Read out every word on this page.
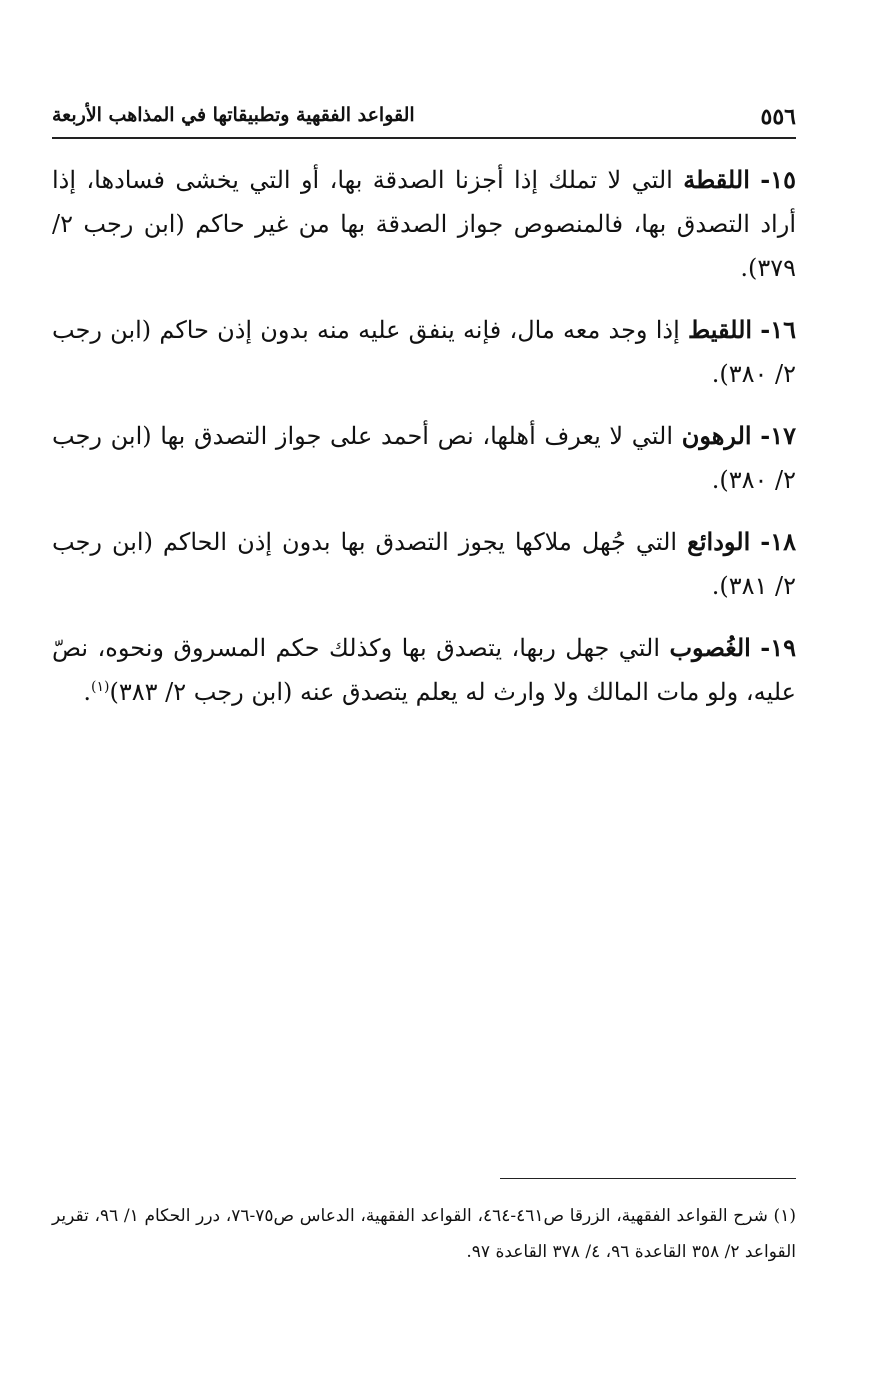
٥٥٦
القواعد الفقهية وتطبيقاتها في المذاهب الأربعة

١٥- اللقطة التي لا تملك إذا أجزنا الصدقة بها، أو التي يخشى فسادها، إذا أراد التصدق بها، فالمنصوص جواز الصدقة بها من غير حاكم (ابن رجب ٢/ ٣٧٩).

١٦- اللقيط إذا وجد معه مال، فإنه ينفق عليه منه بدون إذن حاكم (ابن رجب ٢/ ٣٨٠).

١٧- الرهون التي لا يعرف أهلها، نص أحمد على جواز التصدق بها (ابن رجب ٢/ ٣٨٠).

١٨- الودائع التي جُهل ملاكها يجوز التصدق بها بدون إذن الحاكم (ابن رجب ٢/ ٣٨١).

١٩- الغُصوب التي جهل ربها، يتصدق بها وكذلك حكم المسروق ونحوه، نصّ عليه، ولو مات المالك ولا وارث له يعلم يتصدق عنه (ابن رجب ٢/ ٣٨٣)$^{(١)}$.

(١) شرح القواعد الفقهية، الزرقا ص٤٦١-٤٦٤، القواعد الفقهية، الدعاس ص٧٥-٧٦، درر الحكام ١/ ٩٦، تقرير القواعد ٢/ ٣٥٨ القاعدة ٩٦، ٤/ ٣٧٨ القاعدة ٩٧.
